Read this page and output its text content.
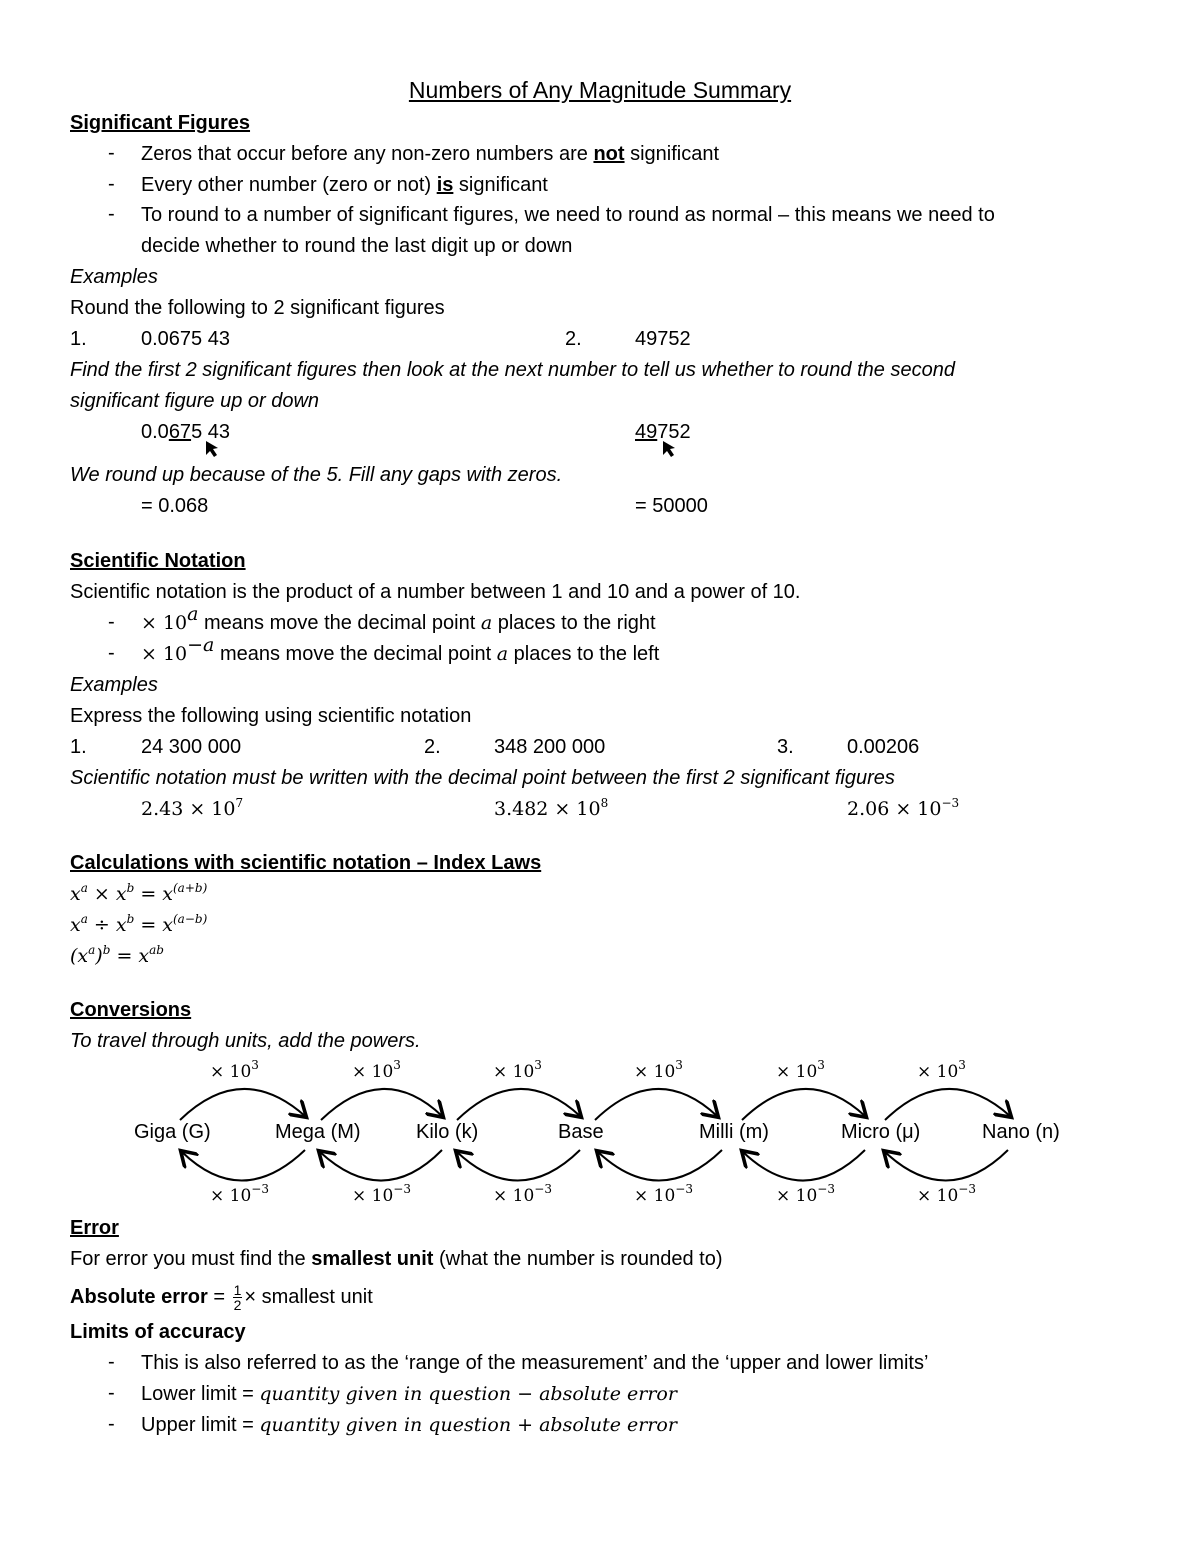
Numbers of Any Magnitude Summary
Significant Figures
- Zeros that occur before any non-zero numbers are not significant
- Every other number (zero or not) is significant
- To round to a number of significant figures, we need to round as normal – this means we need to
decide whether to round the last digit up or down
Examples
Round the following to 2 significant figures
1.	0.0675 43	2.	49752
Find the first 2 significant figures then look at the next number to tell us whether to round the second
significant figure up or down
0.0675 43	49752
We round up because of the 5. Fill any gaps with zeros.
= 0.068	= 50000
Scientific Notation
Scientific notation is the product of a number between 1 and 10 and a power of 10.
- × $10^a$ means move the decimal point a places to the right
- × $10^{-a}$ means move the decimal point a places to the left
Examples
Express the following using scientific notation
1.	24 300 000	2.	348 200 000	3.	0.00206
Scientific notation must be written with the decimal point between the first 2 significant figures
$2.43 \times 10^7$	$3.482 \times 10^8$	$2.06 \times 10^{-3}$
Calculations with scientific notation – Index Laws
$x^a \times x^b = x^{(a+b)}$
$x^a \div x^b = x^{(a-b)}$
$(x^a)^b = x^{ab}$
Conversions
To travel through units, add the powers.
Giga (G)	Mega (M)	Kilo (k)	Base	Milli (m)	Micro (μ)	Nano (n)
× $10^3$	× $10^3$	× $10^3$	× $10^3$	× $10^3$	× $10^3$
× $10^{-3}$	× $10^{-3}$	× $10^{-3}$	× $10^{-3}$	× $10^{-3}$	× $10^{-3}$
Error
For error you must find the smallest unit (what the number is rounded to)
Absolute error = $\frac{1}{2}$ × smallest unit
Limits of accuracy
- This is also referred to as the ‘range of the measurement’ and the ‘upper and lower limits’
- Lower limit = quantity given in question − absolute error
- Upper limit = quantity given in question + absolute error
